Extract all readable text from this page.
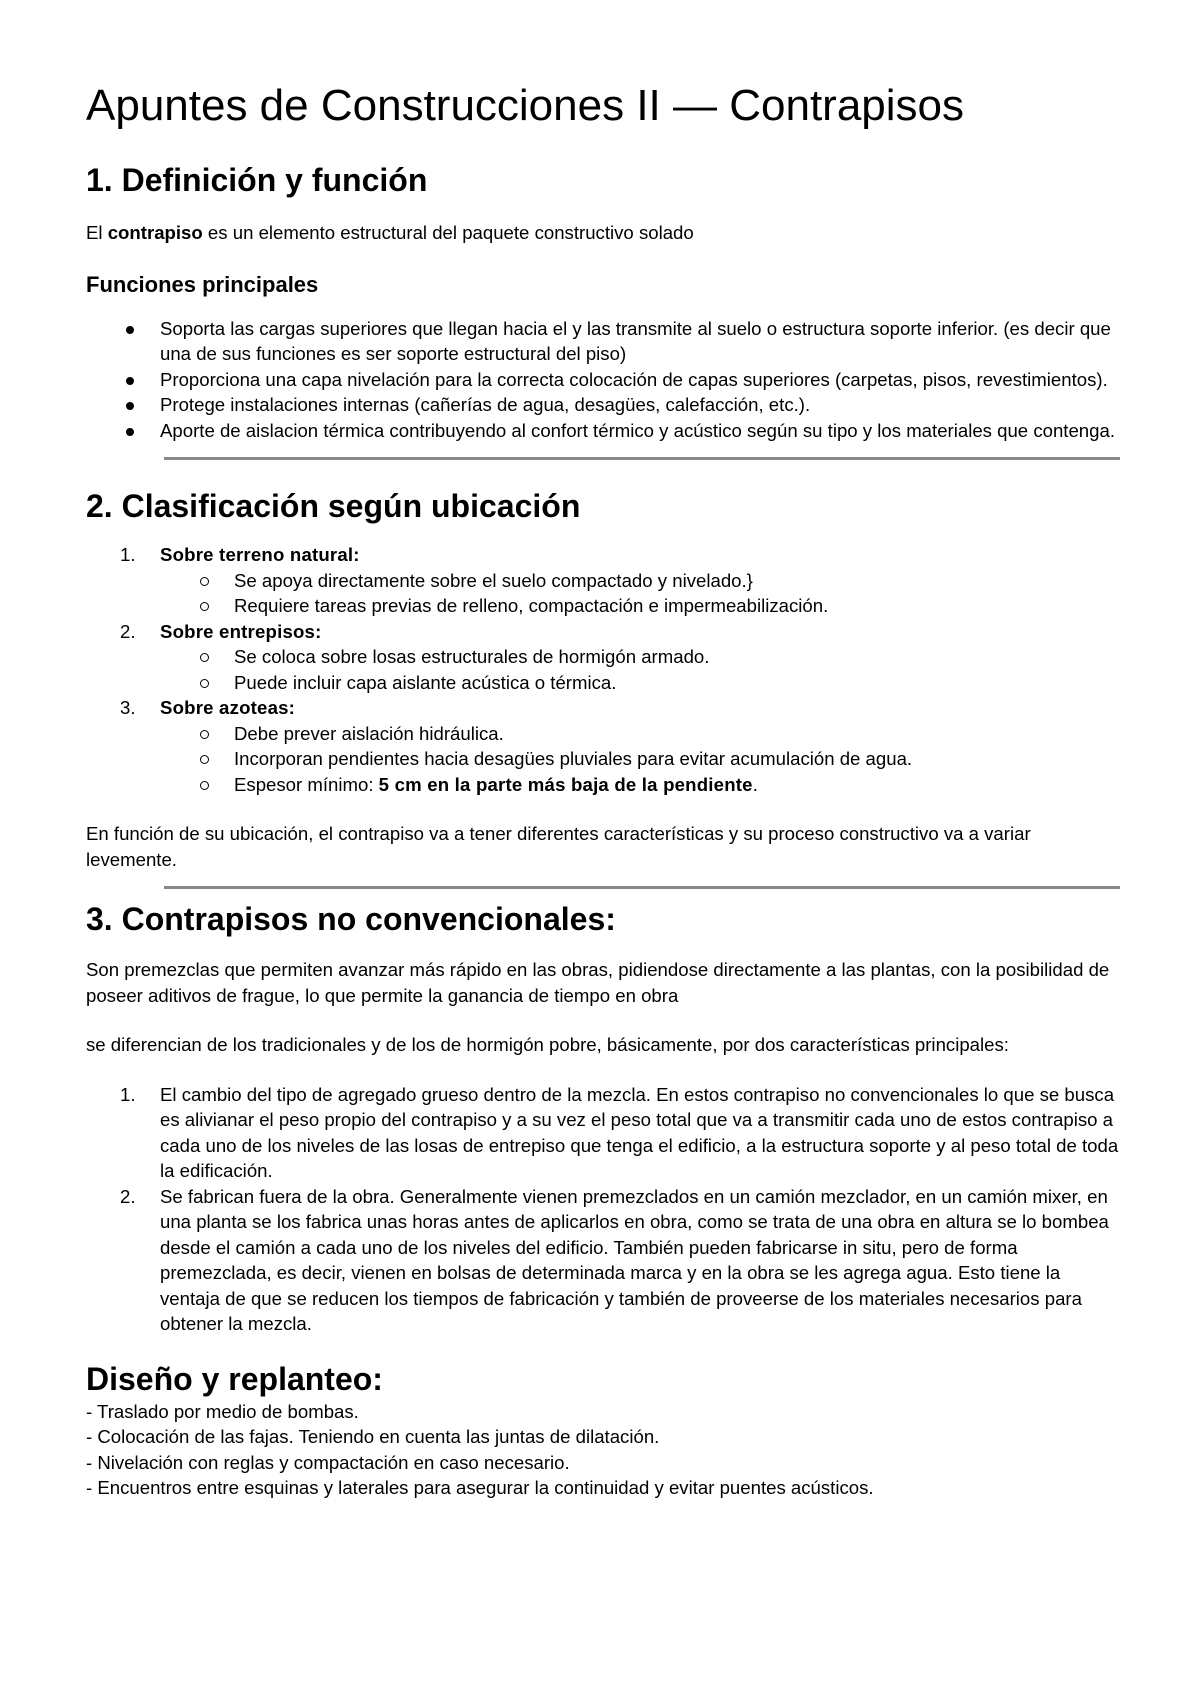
Apuntes de Construcciones II — Contrapisos
1. Definición y función

El contrapiso es un elemento estructural del paquete constructivo solado

Funciones principales
Soporta las cargas superiores que llegan hacia el y las transmite al suelo o estructura soporte inferior. (es decir que una de sus funciones es ser soporte estructural del piso)
Proporciona una capa nivelación para la correcta colocación de capas superiores (carpetas, pisos, revestimientos).
Protege instalaciones internas (cañerías de agua, desagües, calefacción, etc.).
Aporte de aislacion térmica contribuyendo al confort térmico y acústico según su tipo y los materiales que contenga.
2. Clasificación según ubicación
1. Sobre terreno natural:
Se apoya directamente sobre el suelo compactado y nivelado.}
Requiere tareas previas de relleno, compactación e impermeabilización.
2. Sobre entrepisos:
Se coloca sobre losas estructurales de hormigón armado.
Puede incluir capa aislante acústica o térmica.
3. Sobre azoteas:
Debe prever aislación hidráulica.
Incorporan pendientes hacia desagües pluviales para evitar acumulación de agua.
Espesor mínimo: 5 cm en la parte más baja de la pendiente.

En función de su ubicación, el contrapiso va a tener diferentes características y su proceso constructivo va a variar levemente.

3. Contrapisos no convencionales:

Son premezclas que permiten avanzar más rápido en las obras, pidiendose directamente a las plantas, con la posibilidad de poseer aditivos de frague, lo que permite la ganancia de tiempo en obra

se diferencian de los tradicionales y de los de hormigón pobre, básicamente, por dos características principales:

1. El cambio del tipo de agregado grueso dentro de la mezcla. En estos contrapiso no convencionales lo que se busca es alivianar el peso propio del contrapiso y a su vez el peso total que va a transmitir cada uno de estos contrapiso a cada uno de los niveles de las losas de entrepiso que tenga el edificio, a la estructura soporte y al peso total de toda la edificación.
2. Se fabrican fuera de la obra. Generalmente vienen premezclados en un camión mezclador, en un camión mixer, en una planta se los fabrica unas horas antes de aplicarlos en obra, como se trata de una obra en altura se lo bombea desde el camión a cada uno de los niveles del edificio. También pueden fabricarse in situ, pero de forma premezclada, es decir, vienen en bolsas de determinada marca y en la obra se les agrega agua. Esto tiene la ventaja de que se reducen los tiempos de fabricación y también de proveerse de los materiales necesarios para obtener la mezcla.
Diseño y replanteo:
- Traslado por medio de bombas.
- Colocación de las fajas. Teniendo en cuenta las juntas de dilatación.
- Nivelación con reglas y compactación en caso necesario.
- Encuentros entre esquinas y laterales para asegurar la continuidad y evitar puentes acústicos.
